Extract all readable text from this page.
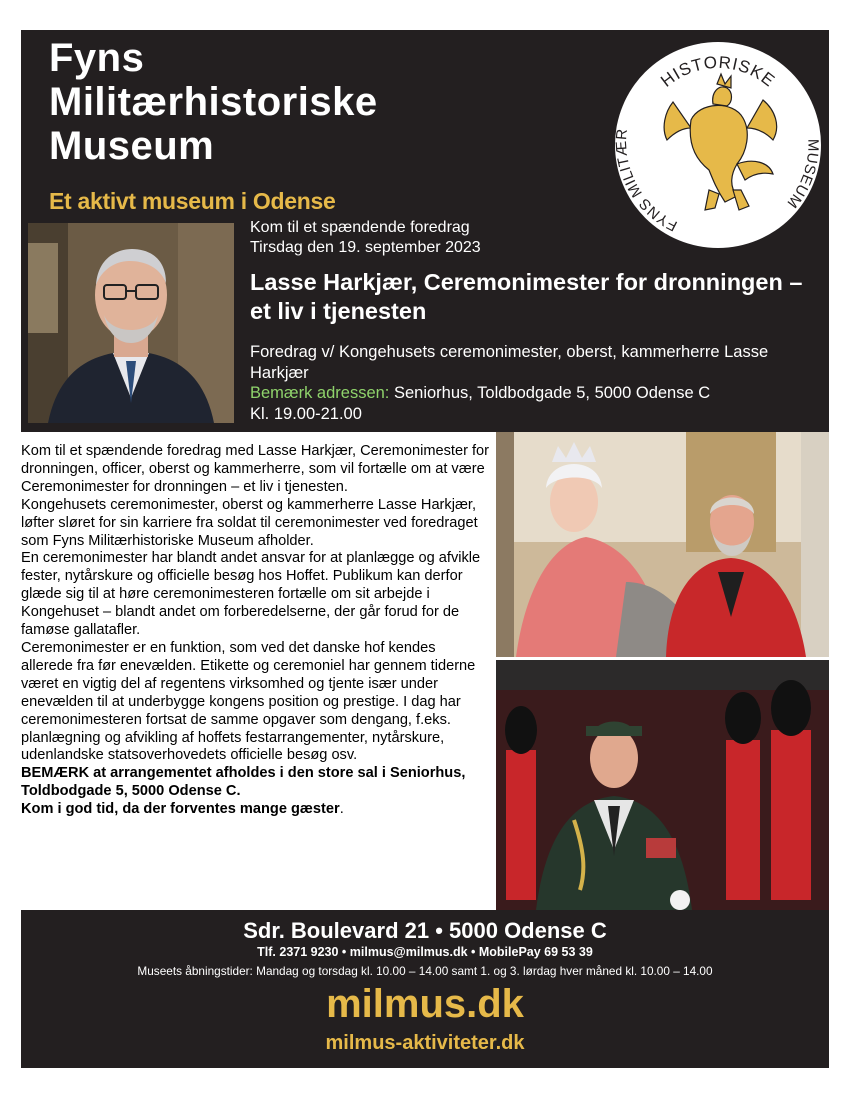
Fyns
Militærhistoriske
Museum
Et aktivt museum i Odense
HISTORISKE
FYNS MILITÆR
MUSEUM
Kom til et spændende foredrag
Tirsdag den 19. september 2023
Lasse Harkjær, Ceremonimester for dronningen – et liv i tjenesten
Foredrag v/ Kongehusets ceremonimester, oberst, kammerherre Lasse Harkjær
Bemærk adressen: Seniorhus, Toldbodgade 5, 5000 Odense C
Kl. 19.00-21.00

Kom til et spændende foredrag med Lasse Harkjær, Ceremonimester for dronningen, officer, oberst og kammerherre, som vil fortælle om at være Ceremonimester for dronningen – et liv i tjenesten.

Kongehusets ceremonimester, oberst og kammerherre Lasse Harkjær, løfter sløret for sin karriere fra soldat til ceremonimester ved foredraget som Fyns Militærhistoriske Museum afholder.

En ceremonimester har blandt andet ansvar for at planlægge og afvikle fester, nytårskure og officielle besøg hos Hoffet. Publikum kan derfor glæde sig til at høre ceremonimesteren fortælle om sit arbejde i Kongehuset – blandt andet om forberedelserne, der går forud for de famøse gallatafler.

Ceremonimester er en funktion, som ved det danske hof kendes allerede fra før enevælden. Etikette og ceremoniel har gennem tiderne været en vigtig del af regentens virksomhed og tjente især under enevælden til at underbygge kongens position og prestige. I dag har ceremonimesteren fortsat de samme opgaver som dengang, f.eks. planlægning og afvikling af hoffets festarrangementer, nytårskure, udenlandske statsoverhovedets officielle besøg osv.

BEMÆRK at arrangementet afholdes i den store sal i Seniorhus, Toldbodgade 5, 5000 Odense C.

Kom i god tid, da der forventes mange gæster.

Sdr. Boulevard 21 • 5000 Odense C
Tlf. 2371 9230 • milmus@milmus.dk • MobilePay 69 53 39
Museets åbningstider: Mandag og torsdag kl. 10.00 – 14.00 samt 1. og 3. lørdag hver måned kl. 10.00 – 14.00
milmus.dk
milmus-aktiviteter.dk
